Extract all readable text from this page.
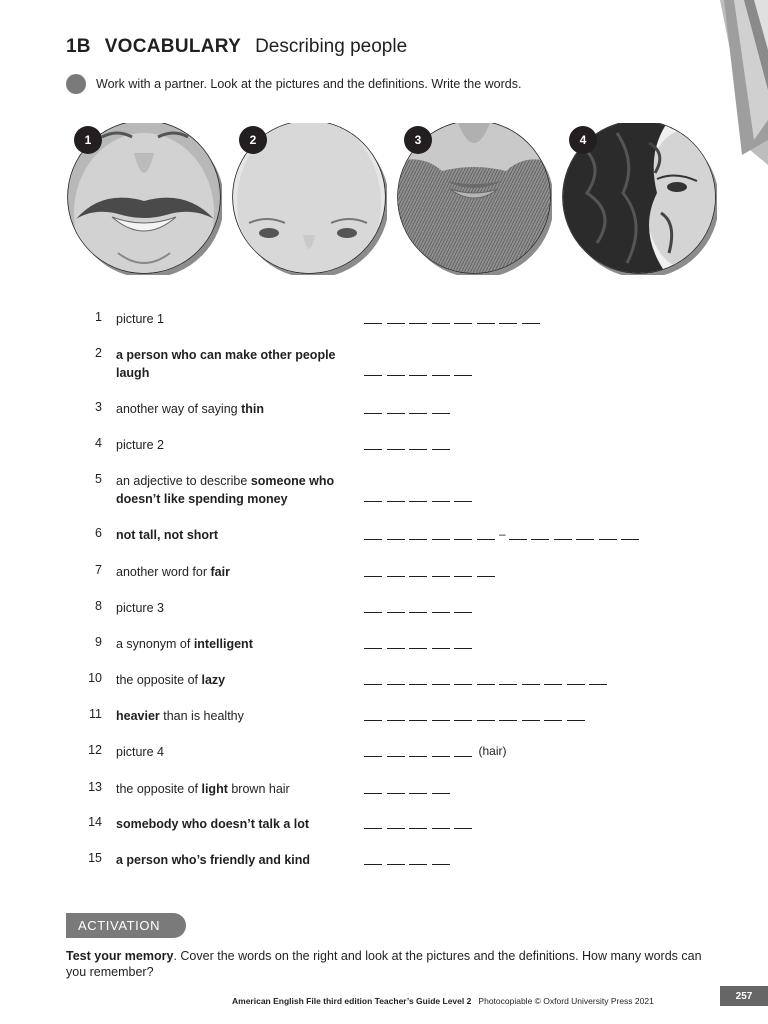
1B VOCABULARY Describing people
Work with a partner. Look at the pictures and the definitions. Write the words.
1	2	3	4
1 picture 1
2 a person who can make other people laugh
3 another way of saying thin
4 picture 2
5 an adjective to describe someone who doesn’t like spending money
6 not tall, not short	–
7 another word for fair
8 picture 3
9 a synonym of intelligent
10 the opposite of lazy
11 heavier than is healthy
12 picture 4	(hair)
13 the opposite of light brown hair
14 somebody who doesn’t talk a lot
15 a person who’s friendly and kind
ACTIVATION
Test your memory. Cover the words on the right and look at the pictures and the definitions. How many words can you remember?
American English File third edition Teacher’s Guide Level 2 Photocopiable © Oxford University Press 2021	257
